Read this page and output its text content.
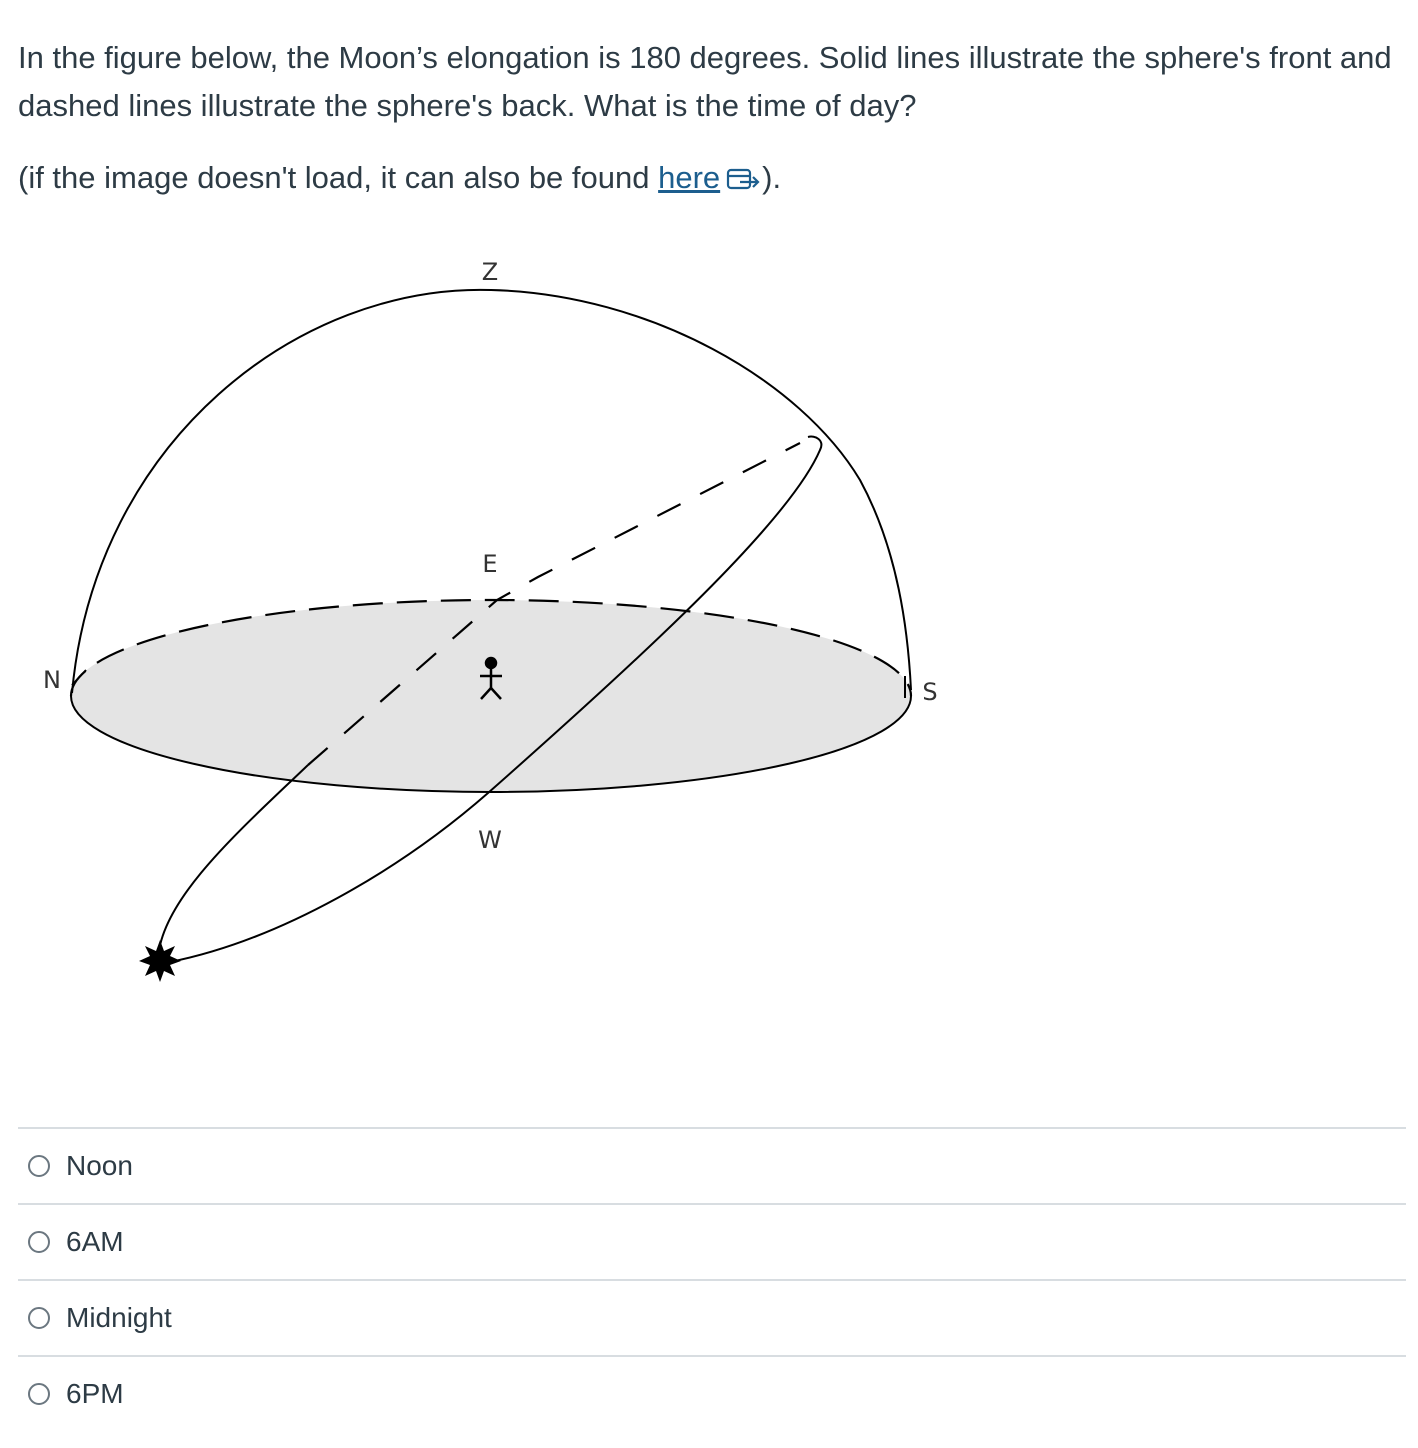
In the figure below, the Moon’s elongation is 180 degrees. Solid lines illustrate the sphere's front and dashed lines illustrate the sphere's back. What is the time of day?

(if the image doesn't load, it can also be found here ).

Z
E
N	S
W
Noon
6AM
Midnight
6PM
